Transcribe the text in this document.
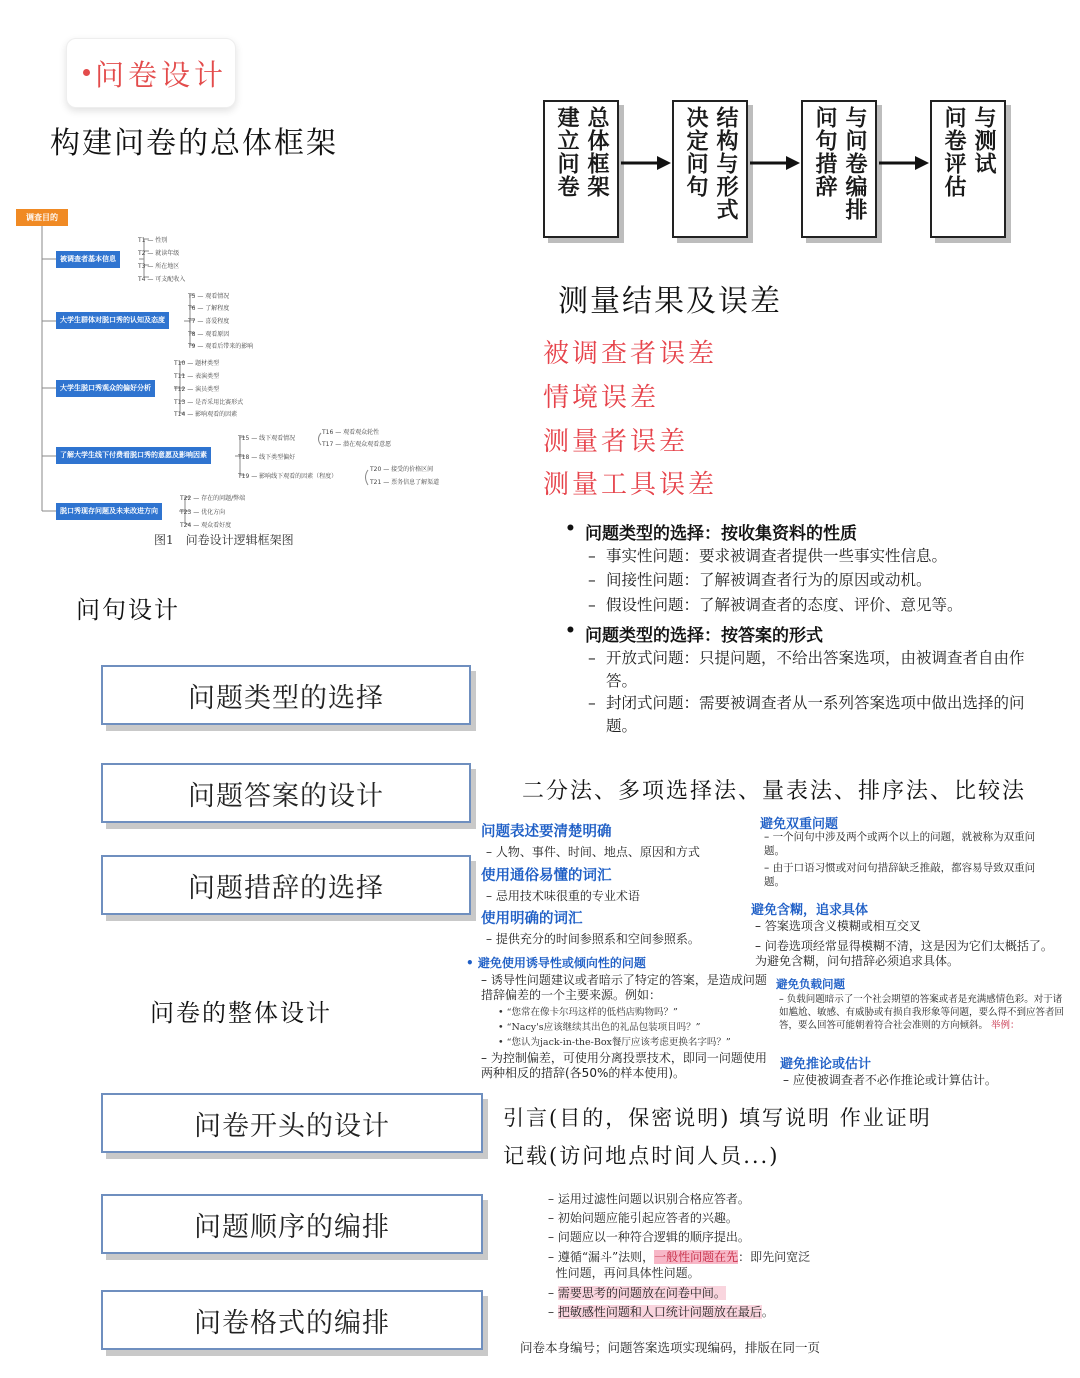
问卷设计
构建问卷的总体框架	建立问卷 总体框架	决定问句 结构与形式	问句措辞 与问卷编排	问卷评估 与测试
调查目的
被调查者基本信息
T1 — 性别
T2 — 就读年级
T3 — 所在地区
T4 — 可支配收入
大学生群体对脱口秀的认知及态度
T5 — 观看情况
T6 — 了解程度
T7 — 喜爱程度
T8 — 观看原因
T9 — 观看后带来的影响
大学生脱口秀观众的偏好分析
T10 — 题材类型
T11 — 表演类型
T12 — 演员类型
T13 — 是否采用比赛形式
T14 — 影响观看的因素
了解大学生线下付费看脱口秀的意愿及影响因素
T15 — 线下观看情况
T16 — 观看观众轮性
T17 — 潜在观众观看意愿
T18 — 线下类型偏好
T19 — 影响线下观看的因素（程度）
T20 — 接受的价格区间
T21 — 票务信息了解渠道
脱口秀现存问题及未来改进方向
T22 — 存在的问题/弊端
T23 — 优化方向
T24 — 观众看好度
图1　问卷设计逻辑框架图
测量结果及误差
被调查者误差
情境误差
测量者误差
测量工具误差
• 问题类型的选择：按收集资料的性质
– 事实性问题：要求被调查者提供一些事实性信息。
– 间接性问题：了解被调查者行为的原因或动机。
– 假设性问题：了解被调查者的态度、评价、意见等。
• 问题类型的选择：按答案的形式
– 开放式问题：只提问题，不给出答案选项，由被调查者自由作答。
– 封闭式问题：需要被调查者从一系列答案选项中做出选择的问题。
问句设计
问题类型的选择
问题答案的设计
问题措辞的选择
问卷的整体设计
问卷开头的设计
问题顺序的编排
问卷格式的编排
二分法、多项选择法、量表法、排序法、比较法
问题表述要清楚明确
– 人物、事件、时间、地点、原因和方式
使用通俗易懂的词汇
– 忌用技术味很重的专业术语
使用明确的词汇
– 提供充分的时间参照系和空间参照系。
• 避免使用诱导性或倾向性的问题
– 诱导性问题建议或者暗示了特定的答案，是造成问题措辞偏差的一个主要来源。例如：
• “您常在像卡尔玛这样的低档店购物吗？”
• “Nacy's应该继续其出色的礼品包装项目吗？”
• “您认为jack-in-the-Box餐厅应该考虑更换名字吗？”
– 为控制偏差，可使用分离投票技术，即同一问题使用两种相反的措辞(各50%的样本使用)。
避免双重问题
– 一个问句中涉及两个或两个以上的问题，就被称为双重问题。
– 由于口语习惯或对问句措辞缺乏推敲，都容易导致双重问题。
避免含糊，追求具体
– 答案选项含义模糊或相互交叉
– 问卷选项经常显得模糊不清，这是因为它们太概括了。为避免含糊，问句措辞必须追求具体。
避免负载问题
– 负载问题暗示了一个社会期望的答案或者是充满感情色彩。对于诸如尴尬、敏感、有威胁或有损自我形象等问题，要么得不到应答者回答，要么回答可能朝着符合社会准则的方向倾斜。 举例：
避免推论或估计
– 应使被调查者不必作推论或计算估计。
引言(目的，保密说明) 填写说明 作业证明
记载(访问地点时间人员...)
– 运用过滤性问题以识别合格应答者。
– 初始问题应能引起应答者的兴趣。
– 问题应以一种符合逻辑的顺序提出。
– 遵循“漏斗”法则，一般性问题在先：即先问宽泛
性问题，再问具体性问题。
– 需要思考的问题放在问卷中间。
– 把敏感性问题和人口统计问题放在最后。
问卷本身编号；问题答案选项实现编码，排版在同一页
